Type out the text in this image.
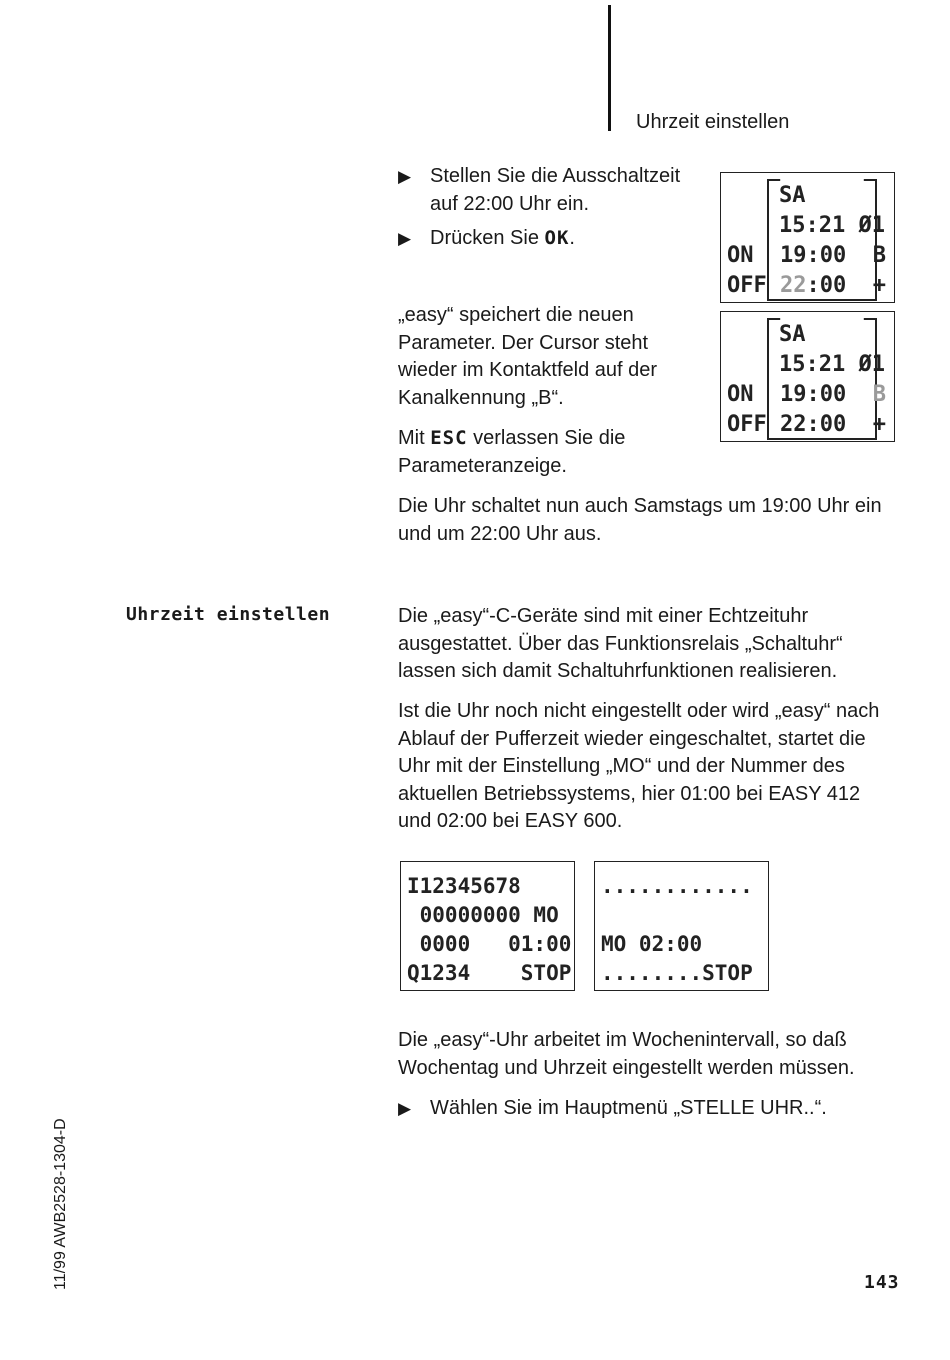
Uhrzeit einstellen
▶ Stellen Sie die Ausschaltzeit auf 22:00 Uhr ein.
▶ Drücken Sie OK.
„easy“ speichert die neuen Parameter. Der Cursor steht wieder im Kontaktfeld auf der Kanalkennung „B“.
Mit ESC verlassen Sie die Parameteranzeige.
Die Uhr schaltet nun auch Samstags um 19:00 Uhr ein und um 22:00 Uhr aus.
SA
15:21 Ø1
ON 19:00 B
OFF 22:00 +
SA
15:21 Ø1
ON 19:00 B
OFF 22:00 +
Uhrzeit einstellen	Die „easy“-C-Geräte sind mit einer Echtzeituhr ausgestattet. Über das Funktionsrelais „Schaltuhr“ lassen sich damit Schaltuhrfunktionen realisieren.
Ist die Uhr noch nicht eingestellt oder wird „easy“ nach Ablauf der Pufferzeit wieder eingeschaltet, startet die Uhr mit der Einstellung „MO“ und der Nummer des aktuellen Betriebssystems, hier 01:00 bei EASY 412 und 02:00 bei EASY 600.
I12345678
00000000 MO
0000   01:00
Q1234    STOP
............

MO 02:00
........STOP
Die „easy“-Uhr arbeitet im Wochenintervall, so daß Wochentag und Uhrzeit eingestellt werden müssen.
▶ Wählen Sie im Hauptmenü „STELLE UHR..“.
11/99 AWB2528-1304-D	143
